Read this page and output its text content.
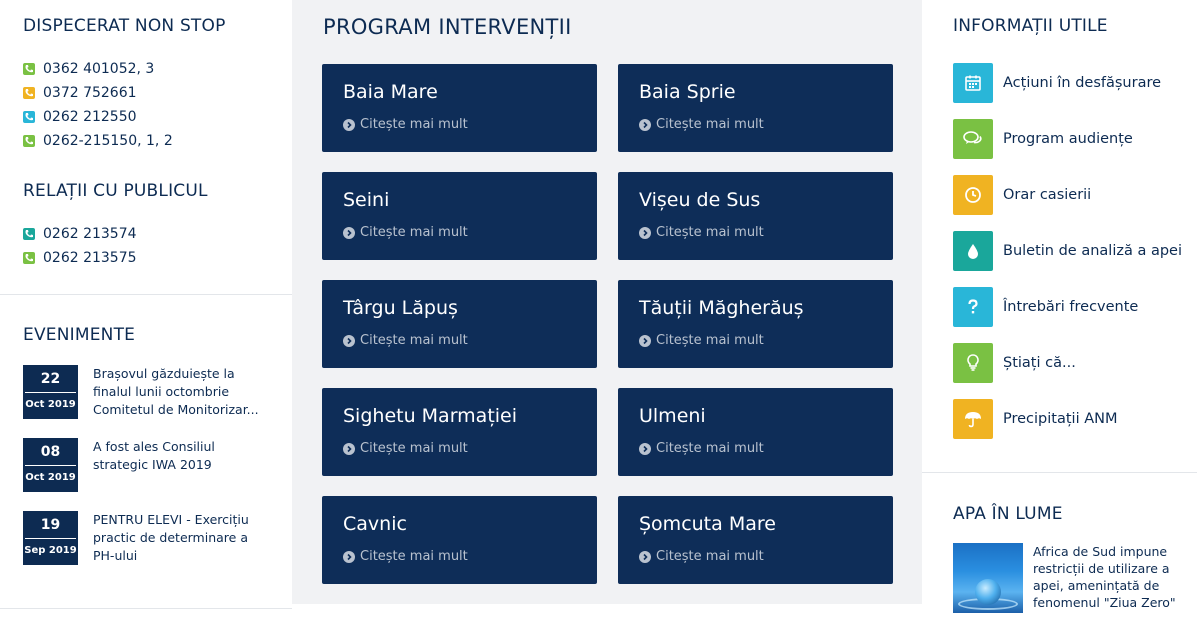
DISPECERAT NON STOP
0362 401052, 3
0372 752661
0262 212550
0262-215150, 1, 2
RELAȚII CU PUBLICUL
0262 213574
0262 213575
EVENIMENTE
22
Oct 2019
Brașovul găzduiește la finalul lunii octombrie Comitetul de Monitorizar...
08
Oct 2019
A fost ales Consiliul strategic IWA 2019
19
Sep 2019
PENTRU ELEVI - Exercițiu practic de determinare a PH-ului
PROGRAM INTERVENȚII
Baia Mare
Citește mai mult
Baia Sprie
Citește mai mult
Seini
Citește mai mult
Vișeu de Sus
Citește mai mult
Târgu Lăpuș
Citește mai mult
Tăuții Măgherăuș
Citește mai mult
Sighetu Marmației
Citește mai mult
Ulmeni
Citește mai mult
Cavnic
Citește mai mult
Șomcuta Mare
Citește mai mult
INFORMAȚII UTILE
Acțiuni în desfășurare
Program audiențe
Orar casierii
Buletin de analiză a apei
Întrebări frecvente
Știați că...
Precipitații ANM
APA ÎN LUME
Africa de Sud impune restricții de utilizare a apei, amenințată de fenomenul "Ziua Zero"
